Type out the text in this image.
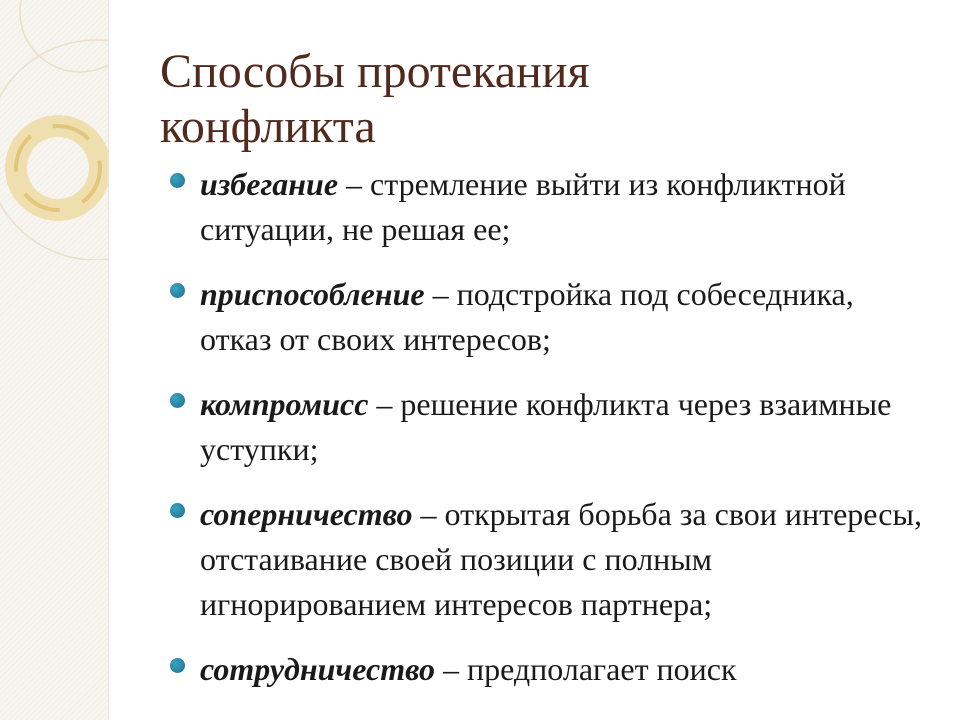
Способы протекания
конфликта
избегание – стремление выйти из конфликтной ситуации, не решая ее;
приспособление – подстройка под собеседника, отказ от своих интересов;
компромисс – решение конфликта через взаимные уступки;
соперничество – открытая борьба за свои интересы, отстаивание своей позиции с полным игнорированием интересов партнера;
сотрудничество – предполагает поиск
